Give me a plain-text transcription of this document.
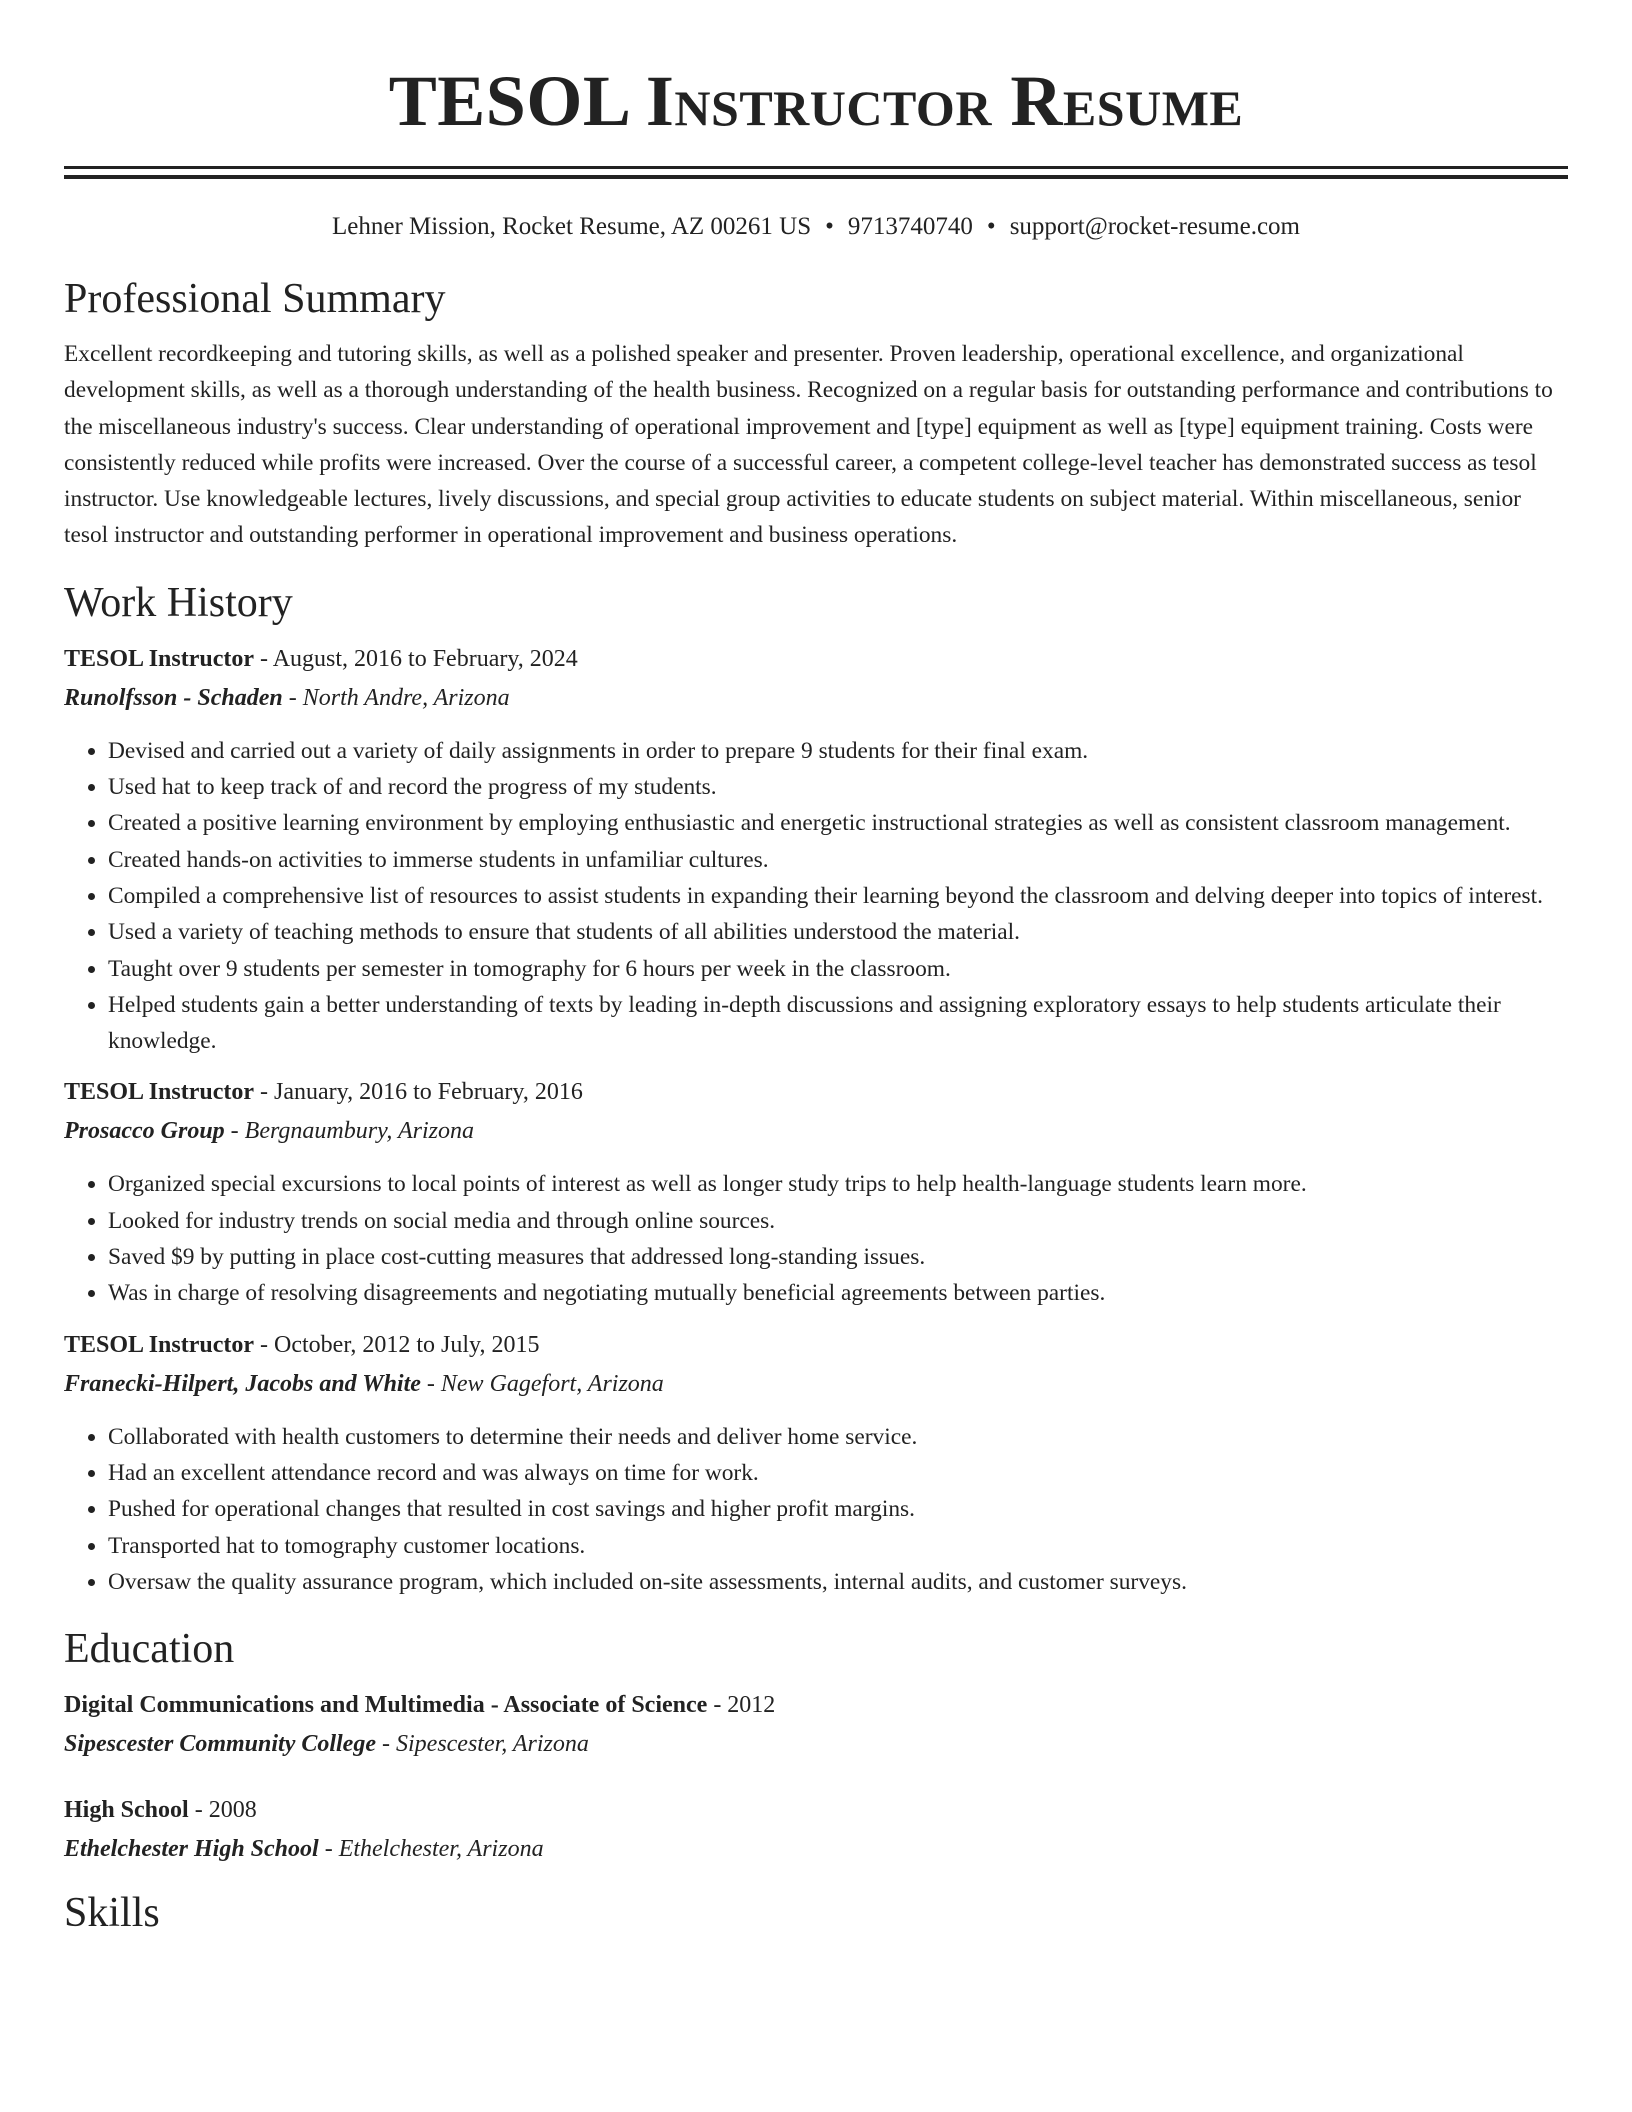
TESOL Instructor Resume
Lehner Mission, Rocket Resume, AZ 00261 US • 9713740740 • support@rocket-resume.com
Professional Summary

Excellent recordkeeping and tutoring skills, as well as a polished speaker and presenter. Proven leadership, operational excellence, and organizational development skills, as well as a thorough understanding of the health business. Recognized on a regular basis for outstanding performance and contributions to the miscellaneous industry's success. Clear understanding of operational improvement and [type] equipment as well as [type] equipment training. Costs were consistently reduced while profits were increased. Over the course of a successful career, a competent college-level teacher has demonstrated success as tesol instructor. Use knowledgeable lectures, lively discussions, and special group activities to educate students on subject material. Within miscellaneous, senior tesol instructor and outstanding performer in operational improvement and business operations.

Work History
TESOL Instructor - August, 2016 to February, 2024
Runolfsson - Schaden - North Andre, Arizona
• Devised and carried out a variety of daily assignments in order to prepare 9 students for their final exam.
• Used hat to keep track of and record the progress of my students.
• Created a positive learning environment by employing enthusiastic and energetic instructional strategies as well as consistent classroom management.
• Created hands-on activities to immerse students in unfamiliar cultures.
• Compiled a comprehensive list of resources to assist students in expanding their learning beyond the classroom and delving deeper into topics of interest.
• Used a variety of teaching methods to ensure that students of all abilities understood the material.
• Taught over 9 students per semester in tomography for 6 hours per week in the classroom.
• Helped students gain a better understanding of texts by leading in-depth discussions and assigning exploratory essays to help students articulate their knowledge.
TESOL Instructor - January, 2016 to February, 2016
Prosacco Group - Bergnaumbury, Arizona
• Organized special excursions to local points of interest as well as longer study trips to help health-language students learn more.
• Looked for industry trends on social media and through online sources.
• Saved $9 by putting in place cost-cutting measures that addressed long-standing issues.
• Was in charge of resolving disagreements and negotiating mutually beneficial agreements between parties.
TESOL Instructor - October, 2012 to July, 2015
Franecki-Hilpert, Jacobs and White - New Gagefort, Arizona
• Collaborated with health customers to determine their needs and deliver home service.
• Had an excellent attendance record and was always on time for work.
• Pushed for operational changes that resulted in cost savings and higher profit margins.
• Transported hat to tomography customer locations.
• Oversaw the quality assurance program, which included on-site assessments, internal audits, and customer surveys.
Education
Digital Communications and Multimedia - Associate of Science - 2012
Sipescester Community College - Sipescester, Arizona
High School - 2008
Ethelchester High School - Ethelchester, Arizona
Skills
